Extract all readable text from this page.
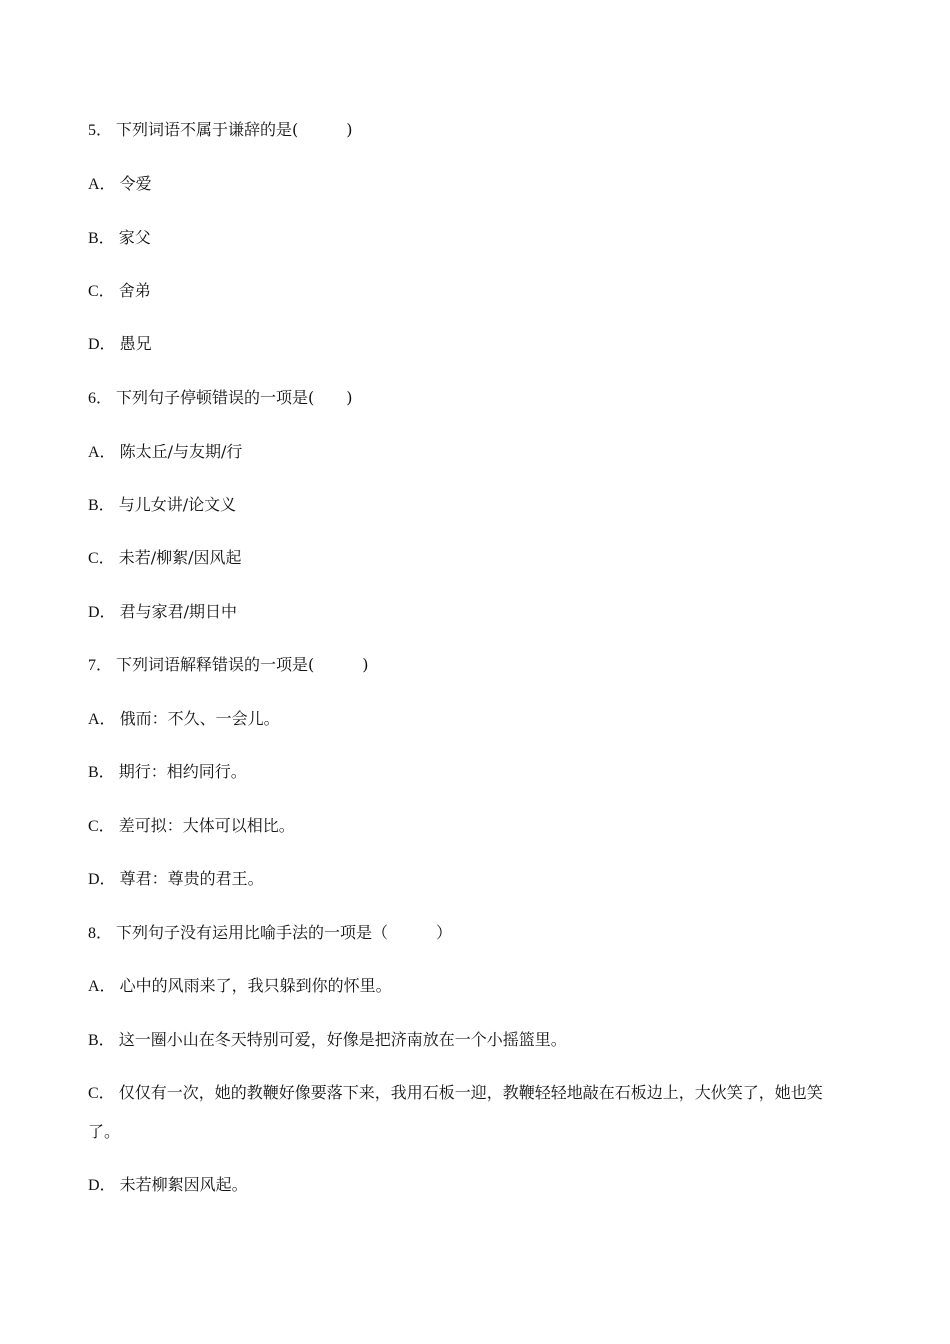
5． 下列词语不属于谦辞的是(　　　)
A． 令爱
B． 家父
C． 舍弟
D． 愚兄
6． 下列句子停顿错误的一项是(　　)
A． 陈太丘/与友期/行
B． 与儿女讲/论文义
C． 未若/柳絮/因风起
D． 君与家君/期日中
7． 下列词语解释错误的一项是(　　　)
A． 俄而：不久、一会儿。
B． 期行：相约同行。
C． 差可拟：大体可以相比。
D． 尊君：尊贵的君王。
8． 下列句子没有运用比喻手法的一项是（　　　）
A． 心中的风雨来了，我只躲到你的怀里。
B． 这一圈小山在冬天特别可爱，好像是把济南放在一个小摇篮里。
C． 仅仅有一次，她的教鞭好像要落下来，我用石板一迎，教鞭轻轻地敲在石板边上，大伙笑了，她也笑了。
D． 未若柳絮因风起。
